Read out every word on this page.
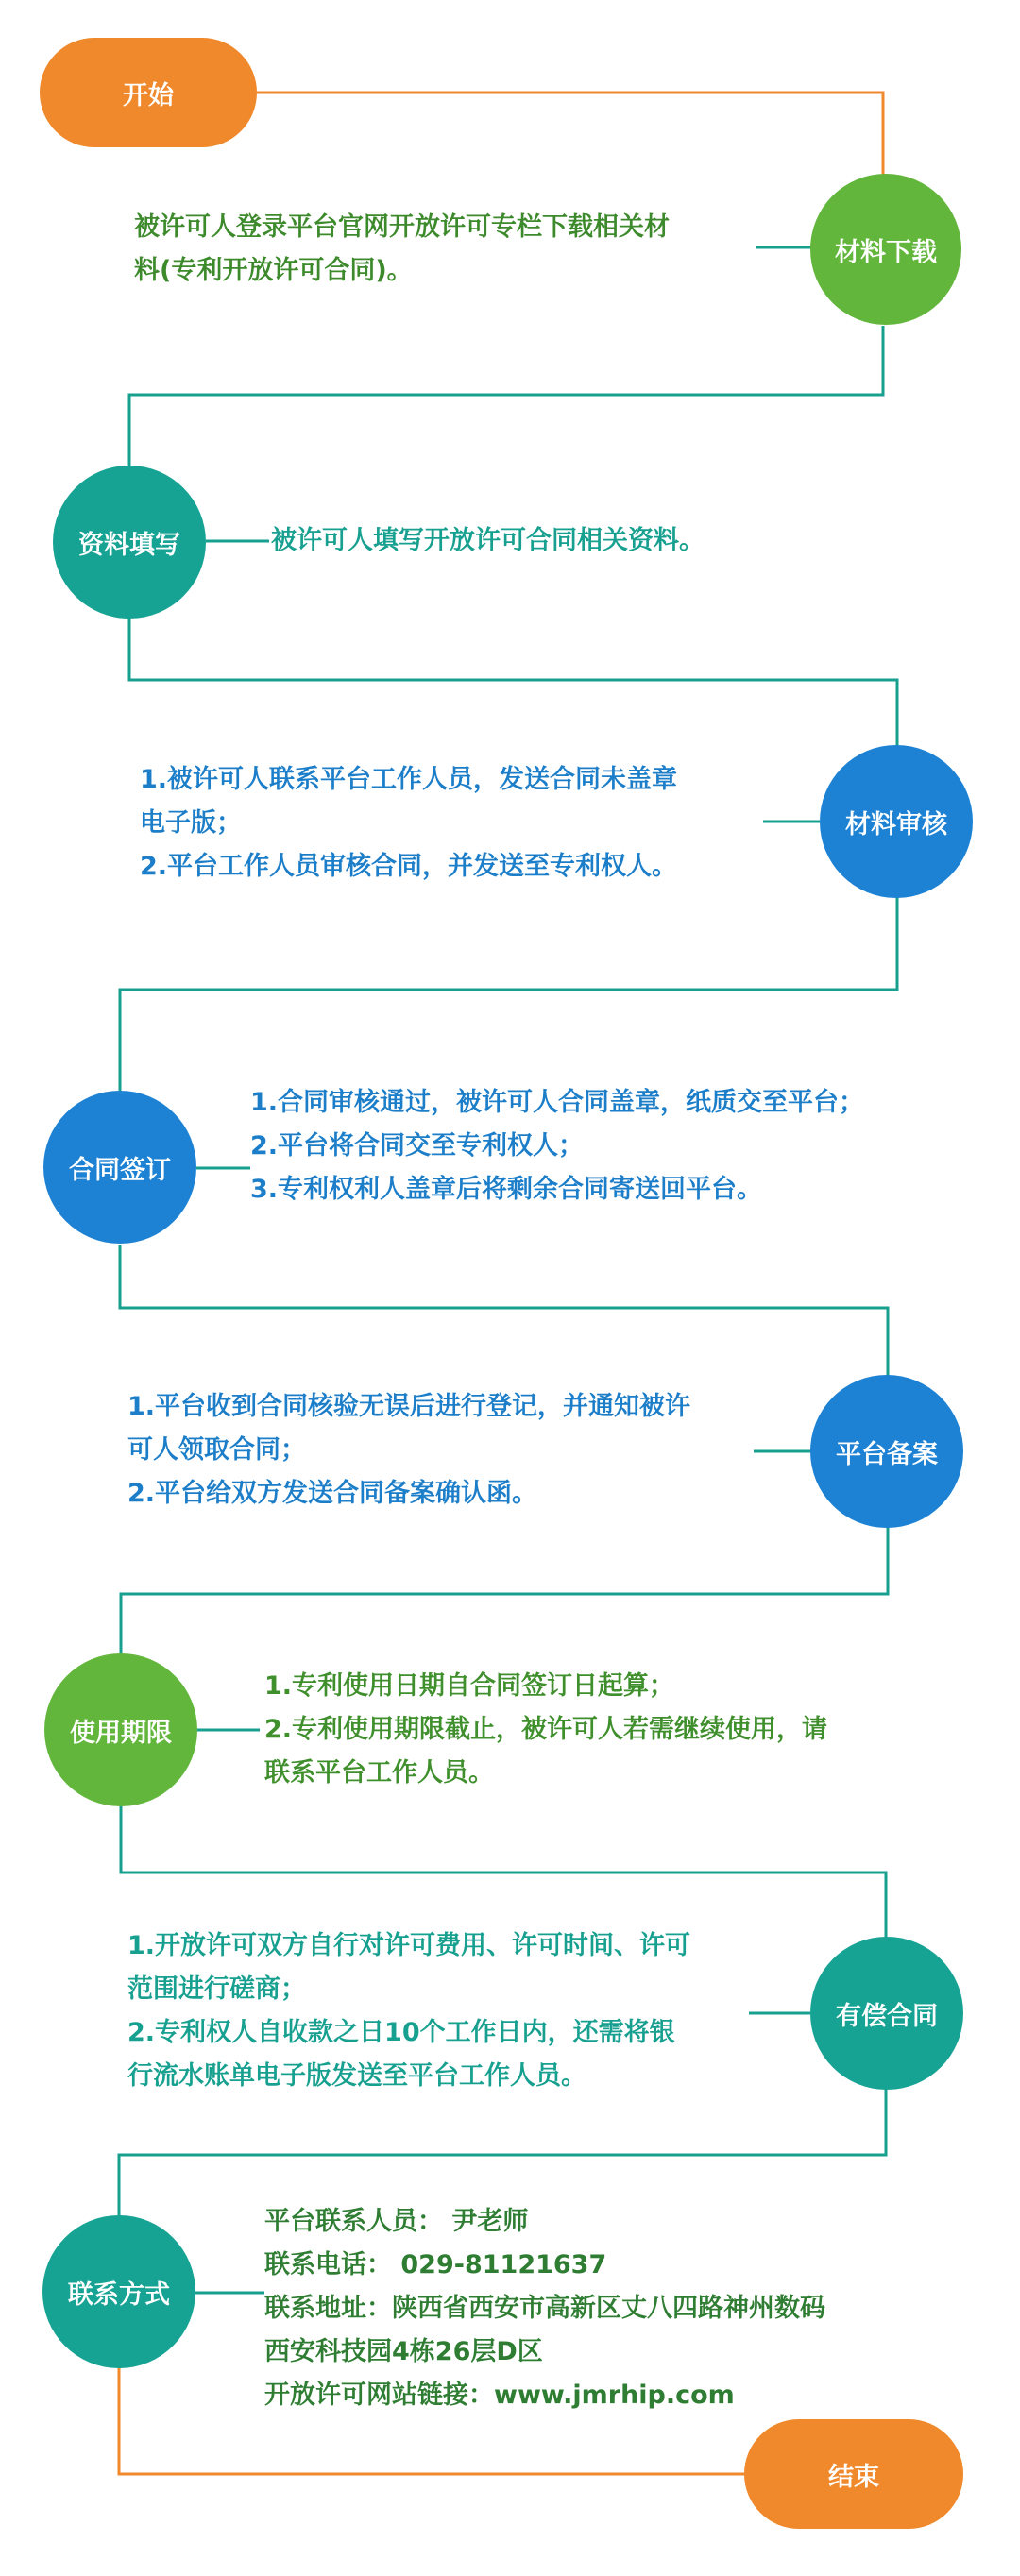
开始
材料下载
资料填写
材料审核
合同签订
平台备案
使用期限
有偿合同
联系方式
结束
被许可人登录平台官网开放许可专栏下载相关材
料(专利开放许可合同)。
被许可人填写开放许可合同相关资料。
1.被许可人联系平台工作人员，发送合同未盖章
电子版；
2.平台工作人员审核合同，并发送至专利权人。
1.合同审核通过，被许可人合同盖章，纸质交至平台；
2.平台将合同交至专利权人；
3.专利权利人盖章后将剩余合同寄送回平台。
1.平台收到合同核验无误后进行登记，并通知被许
可人领取合同；
2.平台给双方发送合同备案确认函。
1.专利使用日期自合同签订日起算；
2.专利使用期限截止，被许可人若需继续使用，请
联系平台工作人员。
1.开放许可双方自行对许可费用、许可时间、许可
范围进行磋商；
2.专利权人自收款之日10个工作日内，还需将银
行流水账单电子版发送至平台工作人员。
平台联系人员： 尹老师
联系电话： 029-81121637
联系地址：陕西省西安市高新区丈八四路神州数码
西安科技园4栋26层D区
开放许可网站链接：www.jmrhip.com
